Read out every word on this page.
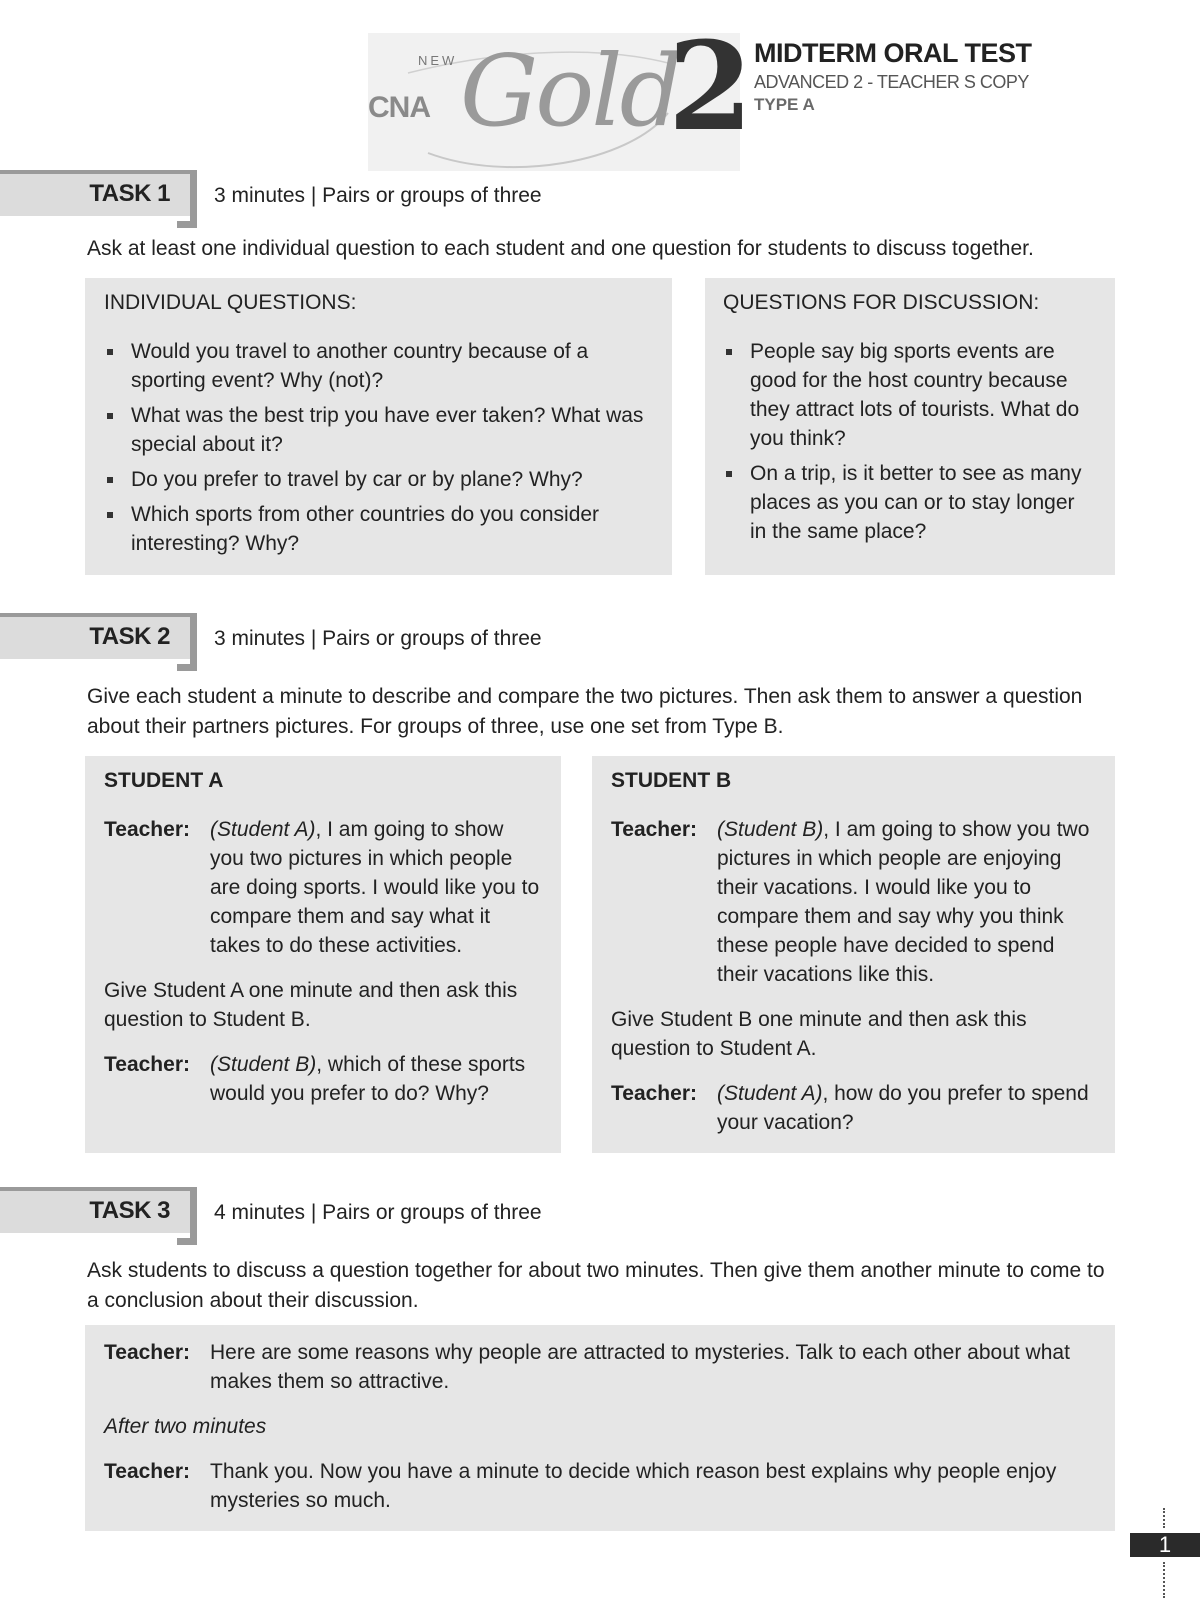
NEW
CNA Gold
2 MIDTERM ORAL TEST
ADVANCED 2 - TEACHER S COPY
TYPE A
TASK 1 3 minutes | Pairs or groups of three
Ask at least one individual question to each student and one question for students to discuss together.
INDIVIDUAL QUESTIONS:
Would you travel to another country because of a sporting event? Why (not)?
What was the best trip you have ever taken? What was special about it?
Do you prefer to travel by car or by plane? Why?
Which sports from other countries do you consider interesting? Why?
QUESTIONS FOR DISCUSSION:
People say big sports events are good for the host country because they attract lots of tourists. What do you think?
On a trip, is it better to see as many places as you can or to stay longer in the same place?
TASK 2 3 minutes | Pairs or groups of three
Give each student a minute to describe and compare the two pictures. Then ask them to answer a question about their partners pictures. For groups of three, use one set from Type B.
STUDENT A
Teacher: (Student A), I am going to show you two pictures in which people are doing sports. I would like you to compare them and say what it takes to do these activities.
Give Student A one minute and then ask this question to Student B.
Teacher: (Student B), which of these sports would you prefer to do? Why?
STUDENT B
Teacher: (Student B), I am going to show you two pictures in which people are enjoying their vacations. I would like you to compare them and say why you think these people have decided to spend their vacations like this.
Give Student B one minute and then ask this question to Student A.
Teacher: (Student A), how do you prefer to spend your vacation?
TASK 3 4 minutes | Pairs or groups of three
Ask students to discuss a question together for about two minutes. Then give them another minute to come to a conclusion about their discussion.
Teacher: Here are some reasons why people are attracted to mysteries. Talk to each other about what makes them so attractive.
After two minutes
Teacher: Thank you. Now you have a minute to decide which reason best explains why people enjoy mysteries so much.
1
